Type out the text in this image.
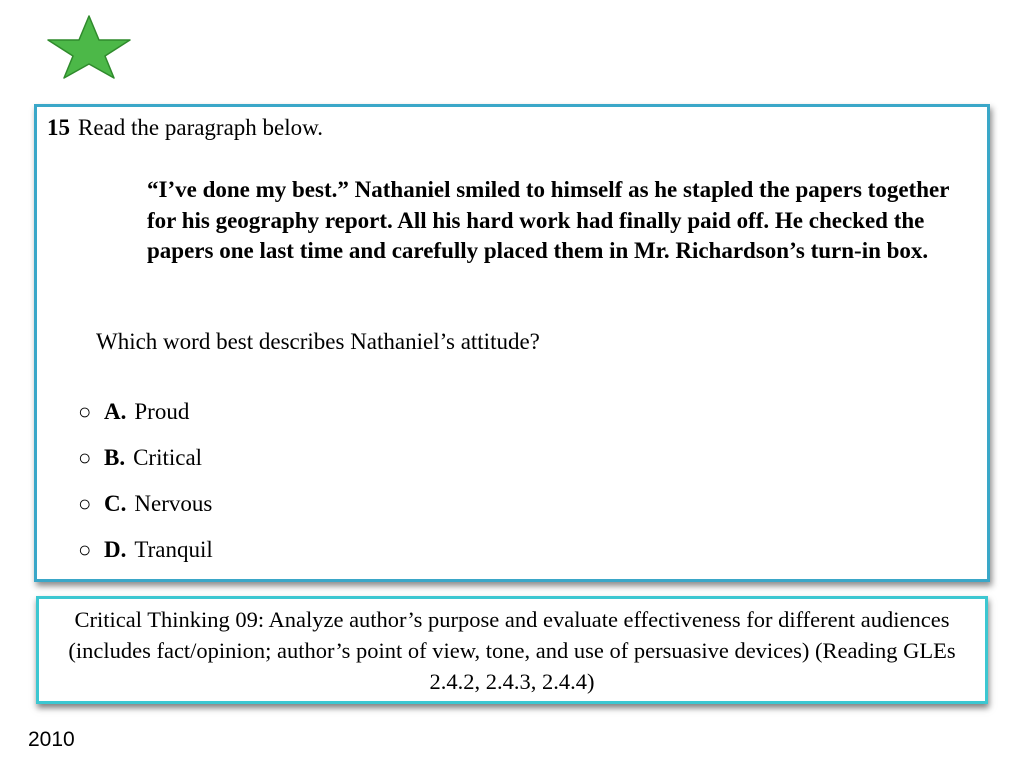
15 Read the paragraph below.
“I’ve done my best.” Nathaniel smiled to himself as he stapled the papers together for his geography report. All his hard work had finally paid off. He checked the papers one last time and carefully placed them in Mr. Richardson’s turn-in box.
Which word best describes Nathaniel’s attitude?
○ A. Proud
○ B. Critical
○ C. Nervous
○ D. Tranquil
Critical Thinking 09: Analyze author’s purpose and evaluate effectiveness for different audiences (includes fact/opinion; author’s point of view, tone, and use of persuasive devices) (Reading GLEs 2.4.2, 2.4.3, 2.4.4)
2010
